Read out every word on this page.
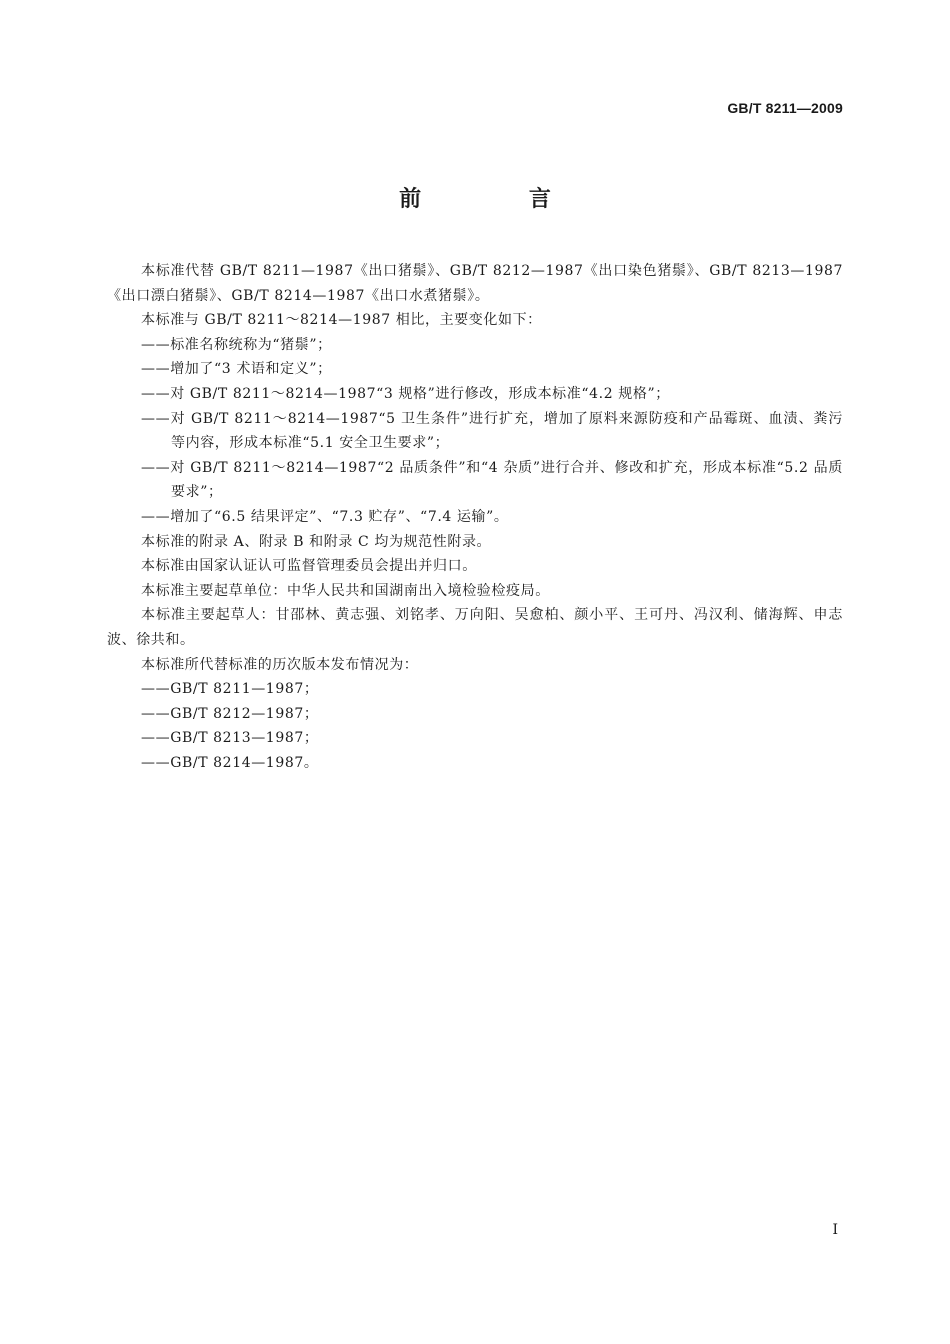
GB/T 8211—2009

前 言

本标准代替 GB/T 8211—1987《出口猪鬃》、GB/T 8212—1987《出口染色猪鬃》、GB/T 8213—1987《出口漂白猪鬃》、GB/T 8214—1987《出口水煮猪鬃》。

本标准与 GB/T 8211～8214—1987 相比，主要变化如下：

——标准名称统称为“猪鬃”；

——增加了“3 术语和定义”；

——对 GB/T 8211～8214—1987“3 规格”进行修改，形成本标准“4.2 规格”；

——对 GB/T 8211～8214—1987“5 卫生条件”进行扩充，增加了原料来源防疫和产品霉斑、血渍、粪污等内容，形成本标准“5.1 安全卫生要求”；

——对 GB/T 8211～8214—1987“2 品质条件”和“4 杂质”进行合并、修改和扩充，形成本标准“5.2 品质要求”；

——增加了“6.5 结果评定”、“7.3 贮存”、“7.4 运输”。

本标准的附录 A、附录 B 和附录 C 均为规范性附录。

本标准由国家认证认可监督管理委员会提出并归口。

本标准主要起草单位：中华人民共和国湖南出入境检验检疫局。

本标准主要起草人：甘邵林、黄志强、刘铭孝、万向阳、吴愈柏、颜小平、王可丹、冯汉利、储海辉、申志波、徐共和。

本标准所代替标准的历次版本发布情况为：

——GB/T 8211—1987；

——GB/T 8212—1987；

——GB/T 8213—1987；

——GB/T 8214—1987。

I
